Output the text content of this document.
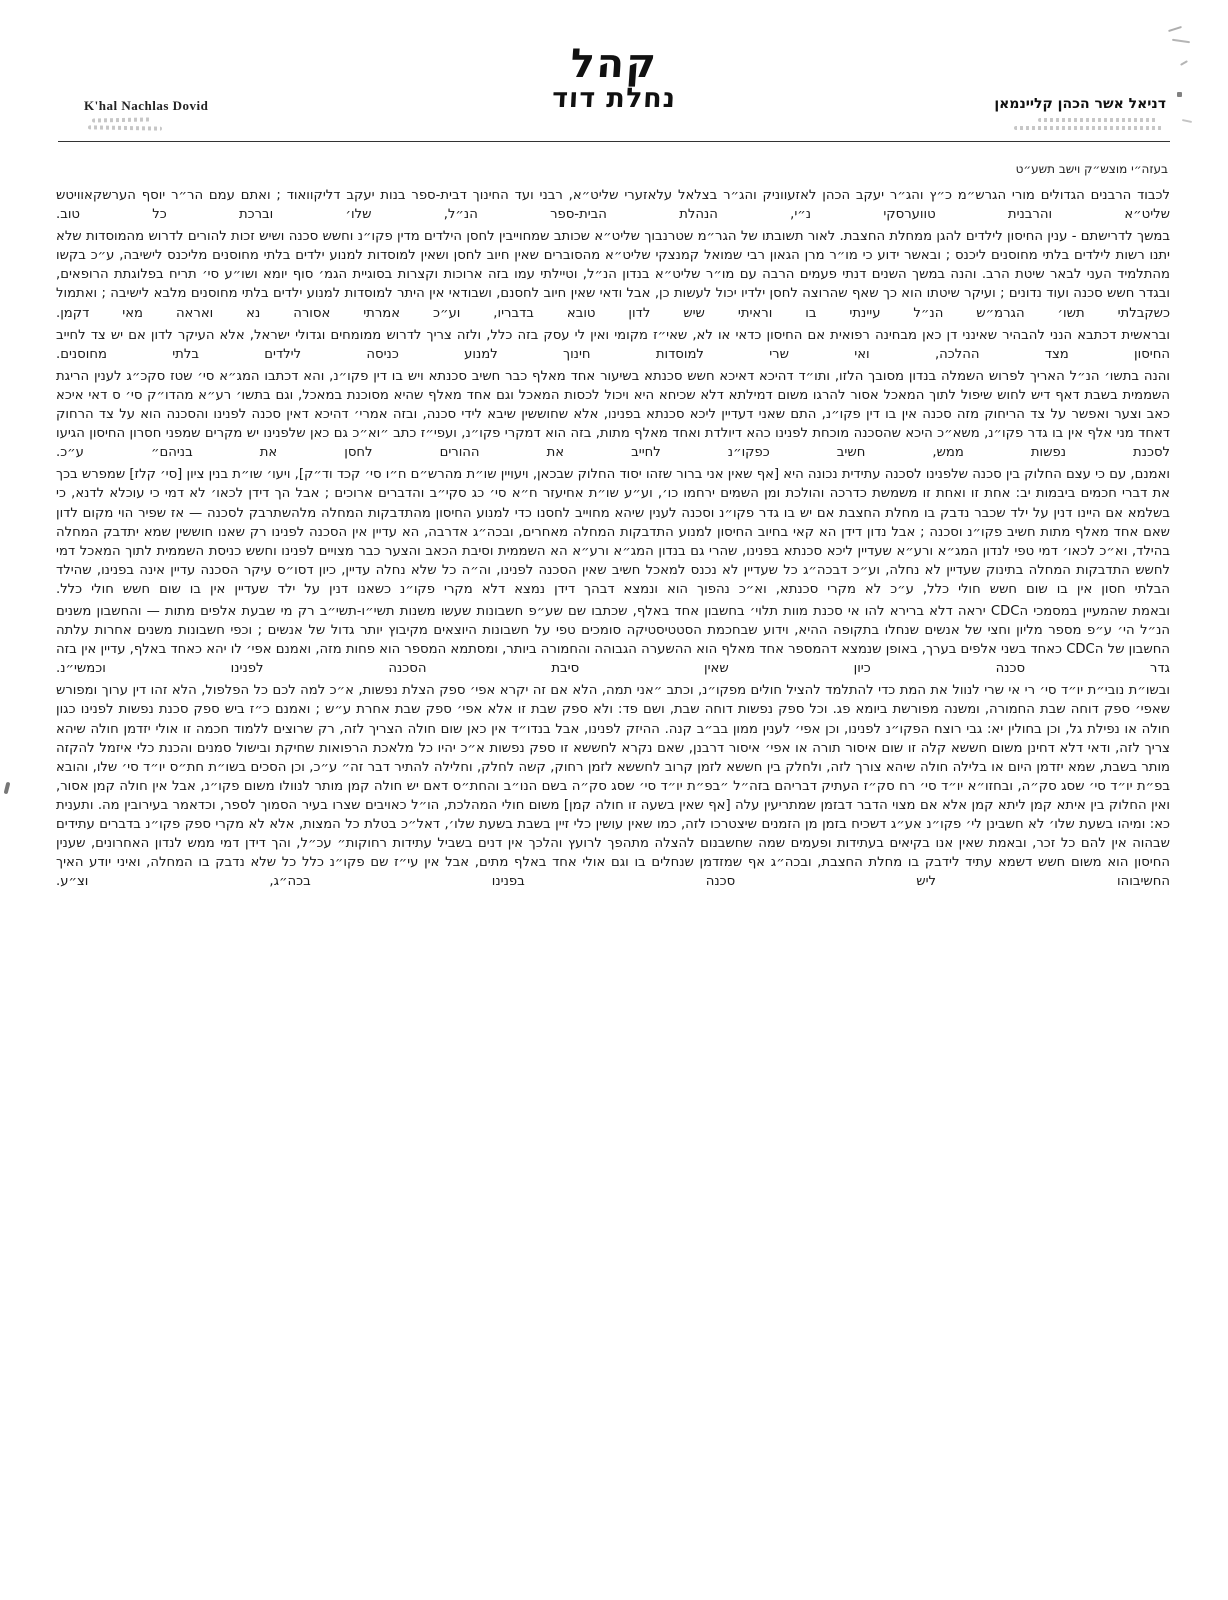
K'hal Nachlas Dovid
קהל
נחלת דוד	דניאל אשר הכהן קליינמאן
בעזה״י מוצש״ק וישב תשע״ט

לכבוד הרבנים הגדולים מורי הגרש״מ כ״ץ והג״ר יעקב הכהן לאזעווניק והג״ר בצלאל עלאזערי שליט״א, רבני ועד החינוך דבית-ספר בנות יעקב דליקוואוד ; ואתם עמם הר״ר יוסף הערשקאוויטש שליט״א והרבנית טווערסקי נ״י, הנהלת הבית-ספר הנ״ל, שלו׳ וברכת כל טוב.

במשך לדרישתם - ענין החיסון לילדים להגן ממחלת החצבת. לאור תשובתו של הגר״מ שטרנבוך שליט״א שכותב שמחוייבין לחסן הילדים מדין פקו״נ וחשש סכנה ושיש זכות להורים לדרוש מהמוסדות שלא יתנו רשות לילדים בלתי מחוסנים ליכנס ; ובאשר ידוע כי מו״ר מרן הגאון רבי שמואל קמנצקי שליט״א מהסוברים שאין חיוב לחסן ושאין למוסדות למנוע ילדים בלתי מחוסנים מליכנס לישיבה, ע״כ בקשו מהתלמיד העני לבאר שיטת הרב. והנה במשך השנים דנתי פעמים הרבה עם מו״ר שליט״א בנדון הנ״ל, וטיילתי עמו בזה ארוכות וקצרות בסוגיית הגמ׳ סוף יומא ושו״ע סי׳ תריח בפלוגתת הרופאים, ובגדר חשש סכנה ועוד נדונים ; ועיקר שיטתו הוא כך שאף שהרוצה לחסן ילדיו יכול לעשות כן, אבל ודאי שאין חיוב לחסנם, ושבודאי אין היתר למוסדות למנוע ילדים בלתי מחוסנים מלבא לישיבה ; ואתמול כשקבלתי תשו׳ הגרמ״ש הנ״ל עיינתי בו וראיתי שיש לדון טובא בדבריו, וע״כ אמרתי אסורה נא ואראה מאי דקמן.

ובראשית דכתבא הנני להבהיר שאינני דן כאן מבחינה רפואית אם החיסון כדאי או לא, שאי״ז מקומי ואין לי עסק בזה כלל, ולזה צריך לדרוש ממומחים וגדולי ישראל, אלא העיקר לדון אם יש צד לחייב החיסון מצד ההלכה, ואי שרי למוסדות חינוך למנוע כניסה לילדים בלתי מחוסנים.

והנה בתשו׳ הנ״ל האריך לפרוש השמלה בנדון מסובך הלזו, ותו״ד דהיכא דאיכא חשש סכנתא בשיעור אחד מאלף כבר חשיב סכנתא ויש בו דין פקו״נ, והא דכתבו המג״א סי׳ שטז סקכ״ג לענין הריגת השממית בשבת דאף דיש לחוש שיפול לתוך המאכל אסור להרגו משום דמילתא דלא שכיחא היא ויכול לכסות המאכל וגם אחד מאלף שהיא מסוכנת במאכל, וגם בתשו׳ רע״א מהדו״ק סי׳ ס דאי איכא כאב וצער ואפשר על צד הריחוק מזה סכנה אין בו דין פקו״נ, התם שאני דעדיין ליכא סכנתא בפנינו, אלא שחוששין שיבא לידי סכנה, ובזה אמרי׳ דהיכא דאין סכנה לפנינו והסכנה הוא על צד הרחוק דאחד מני אלף אין בו גדר פקו״נ, משא״כ היכא שהסכנה מוכחת לפנינו כהא דיולדת ואחד מאלף מתות, בזה הוא דמקרי פקו״נ, ועפי״ז כתב ״וא״כ גם כאן שלפנינו יש מקרים שמפני חסרון החיסון הגיעו לסכנת נפשות ממש, חשיב כפקו״נ לחייב את ההורים לחסן את בניהם״ ע״כ.

ואמנם, עם כי עצם החלוק בין סכנה שלפנינו לסכנה עתידית נכונה היא [אף שאין אני ברור שזהו יסוד החלוק שבכאן, ויעויין שו״ת מהרש״ם ח״ו סי׳ קכד וד״ק], ויעו׳ שו״ת בנין ציון [סי׳ קלז] שמפרש בכך את דברי חכמים ביבמות יב: אחת זו ואחת זו משמשת כדרכה והולכת ומן השמים ירחמו כו׳, וע״ע שו״ת אחיעזר ח״א סי׳ כג סקי״ב והדברים ארוכים ; אבל הך דידן לכאו׳ לא דמי כי עוכלא לדנא, כי בשלמא אם היינו דנין על ילד שכבר נדבק בו מחלת החצבת אם יש בו גדר פקו״נ וסכנה לענין שיהא מחוייב לחסנו כדי למנוע החיסון מהתדבקות המחלה מלהשתרבק לסכנה — אז שפיר הוי מקום לדון שאם אחד מאלף מתות חשיב פקו״נ וסכנה ; אבל נדון דידן הא קאי בחיוב החיסון למנוע התדבקות המחלה מאחרים, ובכה״ג אדרבה, הא עדיין אין הסכנה לפנינו רק שאנו חוששין שמא יתדבק המחלה בהילד, וא״כ לכאו׳ דמי טפי לנדון המג״א ורע״א שעדיין ליכא סכנתא בפנינו, שהרי גם בנדון המג״א ורע״א הא השממית וסיבת הכאב והצער כבר מצויים לפנינו וחשש כניסת השממית לתוך המאכל דמי לחשש התדבקות המחלה בתינוק שעדיין לא נחלה, וע״כ דבכה״ג כל שעדיין לא נכנס למאכל חשיב שאין הסכנה לפנינו, וה״ה כל שלא נחלה עדיין, כיון דסו״ס עיקר הסכנה עדיין אינה בפנינו, שהילד הבלתי חסון אין בו שום חשש חולי כלל, ע״כ לא מקרי סכנתא, וא״כ נהפוך הוא ונמצא דבהך דידן נמצא דלא מקרי פקו״נ כשאנו דנין על ילד שעדיין אין בו שום חשש חולי כלל.

ובאמת שהמעיין במסמכי הCDC יראה דלא ברירא להו אי סכנת מוות תלוי׳ בחשבון אחד באלף, שכתבו שם שע״פ חשבונות שעשו משנות תשי״ו-תשי״ב רק מי שבעת אלפים מתות — והחשבון משנים הנ״ל הי׳ ע״פ מספר מליון וחצי של אנשים שנחלו בתקופה ההיא, וידוע שבחכמת הסטטיסטיקה סומכים טפי על חשבונות היוצאים מקיבוץ יותר גדול של אנשים ; וכפי חשבונות משנים אחרות עלתה החשבון של הCDC כאחד בשני אלפים בערך, באופן שנמצא דהמספר אחד מאלף הוא ההשערה הגבוהה והחמורה ביותר, ומסתמא המספר הוא פחות מזה, ואמנם אפי׳ לו יהא כאחד באלף, עדיין אין בזה גדר סכנה כיון שאין סיבת הסכנה לפנינו וכמשי״נ.

ובשו״ת נובי״ת יו״ד סי׳ רי אי שרי לנוול את המת כדי להתלמד להציל חולים מפקו״נ, וכתב ״אני תמה, הלא אם זה יקרא אפי׳ ספק הצלת נפשות, א״כ למה לכם כל הפלפול, הלא זהו דין ערוך ומפורש שאפי׳ ספק דוחה שבת החמורה, ומשנה מפורשת ביומא פג. וכל ספק נפשות דוחה שבת, ושם פד: ולא ספק שבת זו אלא אפי׳ ספק שבת אחרת ע״ש ; ואמנם כ״ז ביש ספק סכנת נפשות לפנינו כגון חולה או נפילת גל, וכן בחולין יא: גבי רוצח הפקו״נ לפנינו, וכן אפי׳ לענין ממון בב״ב קנה. ההיזק לפנינו, אבל בנדו״ד אין כאן שום חולה הצריך לזה, רק שרוצים ללמוד חכמה זו אולי יזדמן חולה שיהא צריך לזה, ודאי דלא דחינן משום חששא קלה זו שום איסור תורה או אפי׳ איסור דרבנן, שאם נקרא לחששא זו ספק נפשות א״כ יהיו כל מלאכת הרפואות שחיקת ובישול סמנים והכנת כלי איזמל להקזה מותר בשבת, שמא יזדמן היום או בלילה חולה שיהא צורך לזה, ולחלק בין חששא לזמן קרוב לחששא לזמן רחוק, קשה לחלק, וחלילה להתיר דבר זה״ ע״כ, וכן הסכים בשו״ת חת״ס יו״ד סי׳ שלו, והובא בפ״ת יו״ד סי׳ שסג סק״ה, ובחזו״א יו״ד סי׳ רח סק״ז העתיק דבריהם בזה״ל ״בפ״ת יו״ד סי׳ שסג סק״ה בשם הנו״ב והחת״ס דאם יש חולה קמן מותר לנוולו משום פקו״נ, אבל אין חולה קמן אסור, ואין החלוק בין איתא קמן ליתא קמן אלא אם מצוי הדבר דבזמן שמתריעין עלה [אף שאין בשעה זו חולה קמן] משום חולי המהלכת, הו״ל כאויבים שצרו בעיר הסמוך לספר, וכדאמר בעירובין מה. ותענית כא: ומיהו בשעת שלו׳ לא חשבינן לי׳ פקו״נ אע״ג דשכיח בזמן מן הזמנים שיצטרכו לזה, כמו שאין עושין כלי זיין בשבת בשעת שלו׳, דאל״כ בטלת כל המצות, אלא לא מקרי ספק פקו״נ בדברים עתידים שבהוה אין להם כל זכר, ובאמת שאין אנו בקיאים בעתידות ופעמים שמה שחשבנום להצלה מתהפך לרועץ והלכך אין דנים בשביל עתידות רחוקות״ עכ״ל, והך דידן דמי ממש לנדון האחרונים, שענין החיסון הוא משום חשש דשמא עתיד לידבק בו מחלת החצבת, ובכה״ג אף שמזדמן שנחלים בו וגם אולי אחד באלף מתים, אבל אין עי״ז שם פקו״נ כלל כל שלא נדבק בו המחלה, ואיני יודע האיך החשיבוהו ליש סכנה בפנינו בכה״ג, וצ״ע.
